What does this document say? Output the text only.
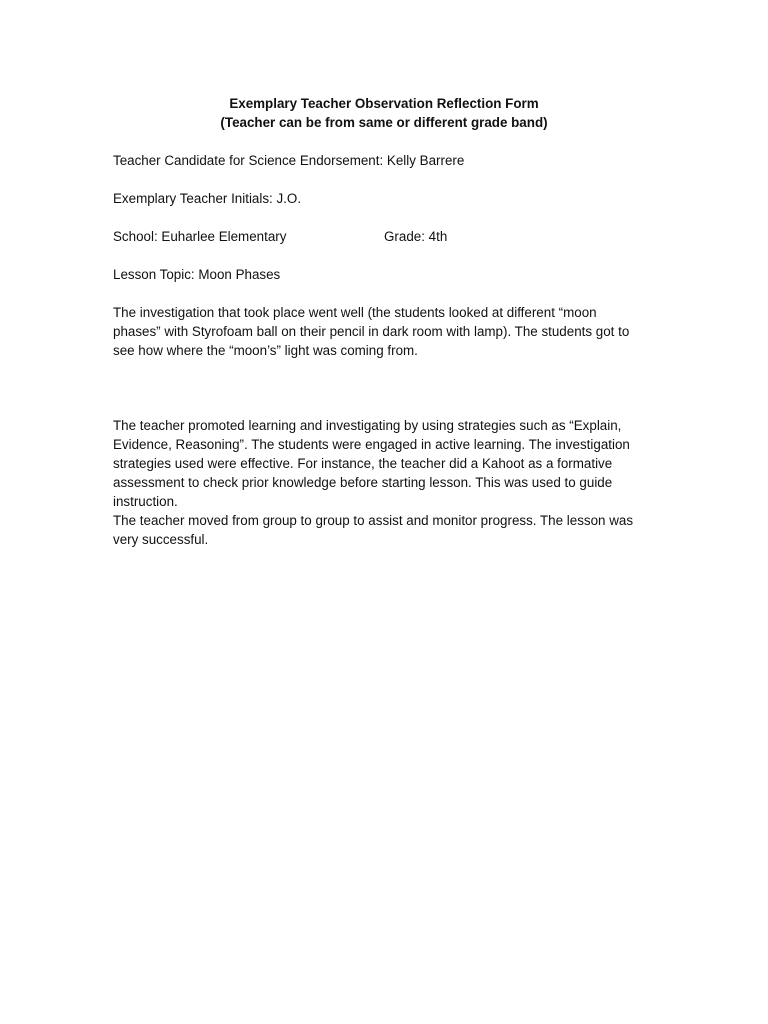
Exemplary Teacher Observation Reflection Form
(Teacher can be from same or different grade band)
Teacher Candidate for Science Endorsement: Kelly Barrere
Exemplary Teacher Initials: J.O.
School: Euharlee Elementary	Grade: 4th
Lesson Topic: Moon Phases
The investigation that took place went well (the students looked at different “moon
phases” with Styrofoam ball on their pencil in dark room with lamp). The students got to
see how where the “moon’s” light was coming from.
The teacher promoted learning and investigating by using strategies such as “Explain,
Evidence, Reasoning”. The students were engaged in active learning. The investigation
strategies used were effective. For instance, the teacher did a Kahoot as a formative
assessment to check prior knowledge before starting lesson. This was used to guide
instruction.
The teacher moved from group to group to assist and monitor progress. The lesson was
very successful.
